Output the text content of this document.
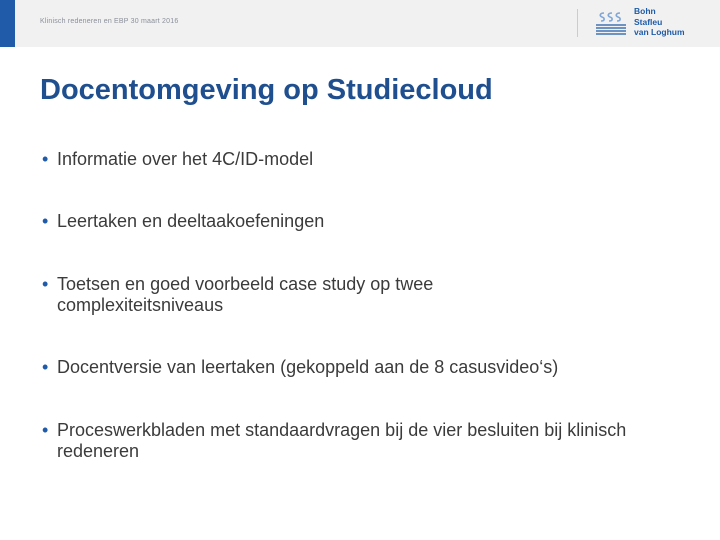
Klinisch redeneren en EBP 30 maart 2016
Bohn
Stafleu
van Loghum
Docentomgeving op Studiecloud
• Informatie over het 4C/ID-model
• Leertaken en deeltaakoefeningen
• Toetsen en goed voorbeeld case study op twee complexiteitsniveaus
• Docentversie van leertaken (gekoppeld aan de 8 casusvideo‘s)
• Proceswerkbladen met standaardvragen bij de vier besluiten bij klinisch redeneren
